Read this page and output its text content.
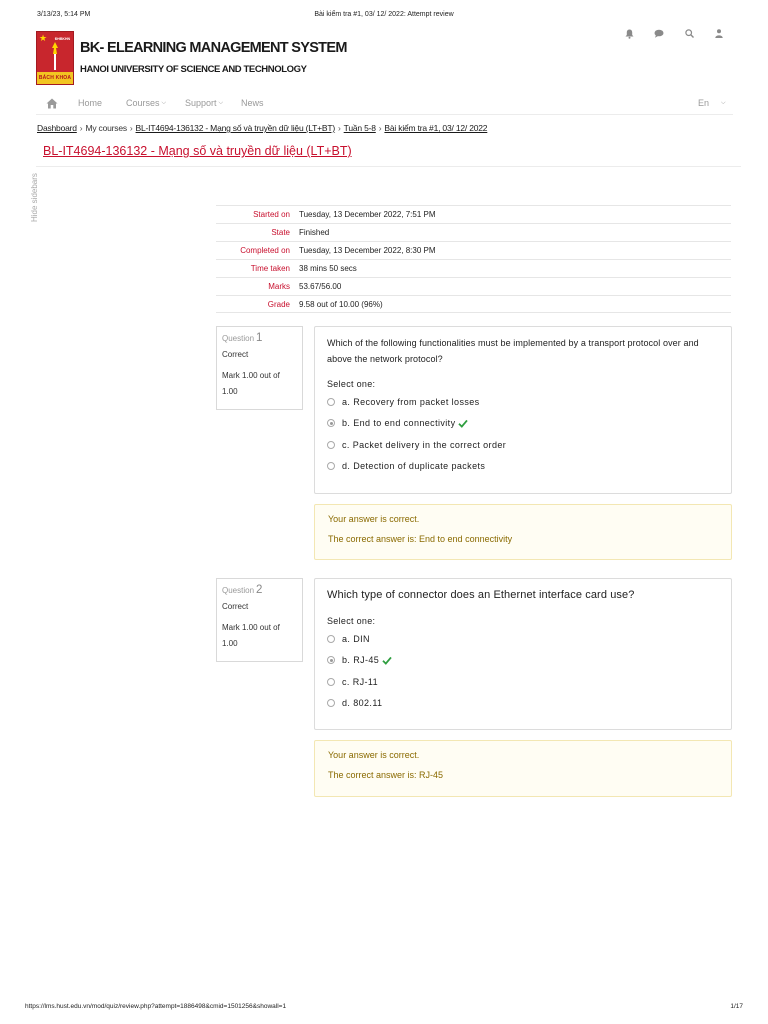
3/13/23, 5:14 PM	Bài kiểm tra #1, 03/ 12/ 2022: Attempt review
★ ĐHBKHN
BÁCH KHOA
BK- ELEARNING MANAGEMENT SYSTEM
HANOI UNIVERSITY OF SCIENCE AND TECHNOLOGY
Home	Courses ⌵ Support ⌵ News	En ⌵
Dashboard › My courses › BL-IT4694-136132 - Mạng số và truyền dữ liệu (LT+BT) › Tuần 5-8 › Bài kiểm tra #1, 03/ 12/ 2022
BL-IT4694-136132 - Mạng số và truyền dữ liệu (LT+BT)
Hide sidebars	Started on	Tuesday, 13 December 2022, 7:51 PM
State	Finished
Completed on	Tuesday, 13 December 2022, 8:30 PM
Time taken	38 mins 50 secs
Marks	53.67/56.00
Grade	9.58 out of 10.00 (96%)
Question 1
Correct
Mark 1.00 out of 1.00
Which of the following functionalities must be implemented by a transport protocol over and above the network protocol?
Select one:
a. Recovery from packet losses
b. End to end connectivity
c. Packet delivery in the correct order
d. Detection of duplicate packets
Your answer is correct.
The correct answer is: End to end connectivity
Question 2
Correct
Mark 1.00 out of 1.00
Which type of connector does an Ethernet interface card use?
Select one:
a. DIN
b. RJ-45
c. RJ-11
d. 802.11
Your answer is correct.
The correct answer is: RJ-45
https://lms.hust.edu.vn/mod/quiz/review.php?attempt=1886498&cmid=1501256&showall=1	1/17
